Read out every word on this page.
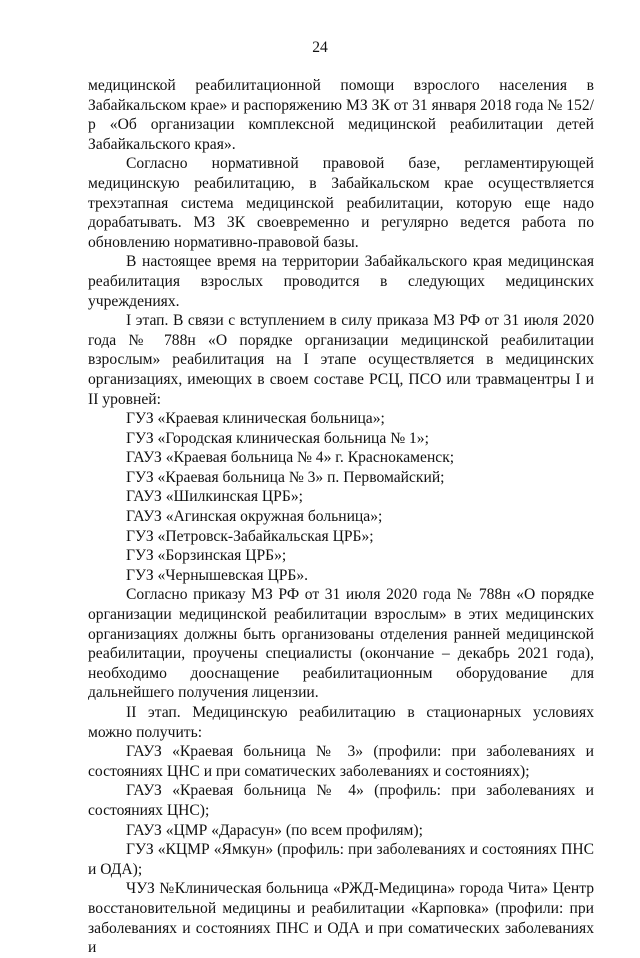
24

медицинской реабилитационной помощи взрослого населения в Забайкальском крае» и распоряжению МЗ ЗК от 31 января 2018 года № 152/р «Об организации комплексной медицинской реабилитации детей Забайкальского края».

Согласно нормативной правовой базе, регламентирующей медицинскую реабилитацию, в Забайкальском крае осуществляется трехэтапная система медицинской реабилитации, которую еще надо дорабатывать. МЗ ЗК своевременно и регулярно ведется работа по обновлению нормативно-правовой базы.

В настоящее время на территории Забайкальского края медицинская реабилитация взрослых проводится в следующих медицинских учреждениях.

I этап. В связи с вступлением в силу приказа МЗ РФ от 31 июля 2020 года № 788н «О порядке организации медицинской реабилитации взрослым» реабилитация на I этапе осуществляется в медицинских организациях, имеющих в своем составе РСЦ, ПСО или травмацентры I и II уровней:

ГУЗ «Краевая клиническая больница»;

ГУЗ «Городская клиническая больница № 1»;

ГАУЗ «Краевая больница № 4» г. Краснокаменск;

ГУЗ «Краевая больница № 3» п. Первомайский;

ГАУЗ «Шилкинская ЦРБ»;

ГАУЗ «Агинская окружная больница»;

ГУЗ «Петровск-Забайкальская ЦРБ»;

ГУЗ «Борзинская ЦРБ»;

ГУЗ «Чернышевская ЦРБ».

Согласно приказу МЗ РФ от 31 июля 2020 года № 788н «О порядке организации медицинской реабилитации взрослым» в этих медицинских организациях должны быть организованы отделения ранней медицинской реабилитации, проучены специалисты (окончание – декабрь 2021 года), необходимо дооснащение реабилитационным оборудование для дальнейшего получения лицензии.

II этап. Медицинскую реабилитацию в стационарных условиях можно получить:

ГАУЗ «Краевая больница № 3» (профили: при заболеваниях и состояниях ЦНС и при соматических заболеваниях и состояниях);

ГАУЗ «Краевая больница № 4» (профиль: при заболеваниях и состояниях ЦНС);

ГАУЗ «ЦМР «Дарасун» (по всем профилям);

ГУЗ «КЦМР «Ямкун» (профиль: при заболеваниях и состояниях ПНС и ОДА);

ЧУЗ №Клиническая больница «РЖД-Медицина» города Чита» Центр восстановительной медицины и реабилитации «Карповка» (профили: при заболеваниях и состояниях ПНС и ОДА и при соматических заболеваниях и
